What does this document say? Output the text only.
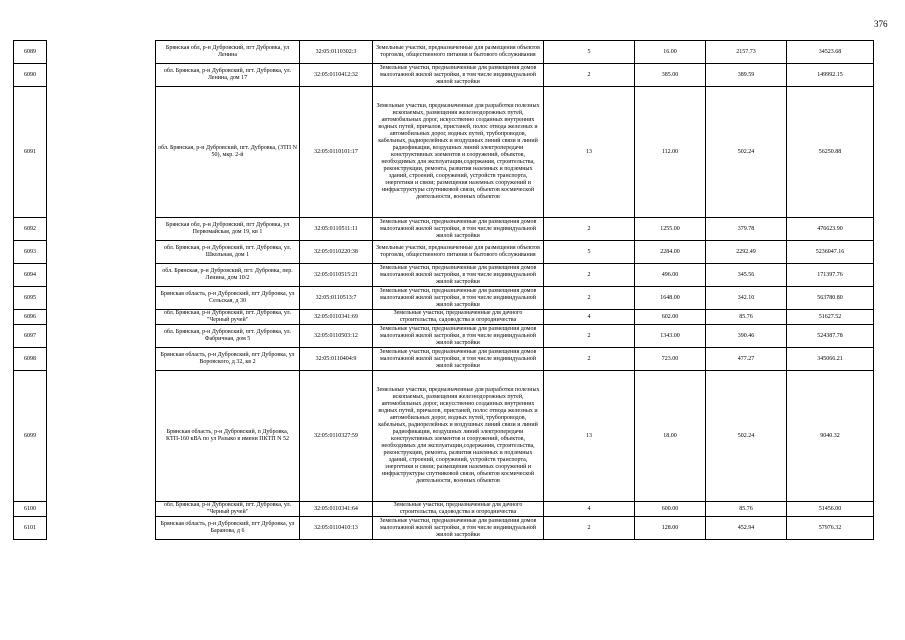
376
6089		Брянская обл, р-н Дубровский, пгт Дубровка, ул Ленина	32:05:0110302:3	Земельные участки, предназначенные для размещения объектов торговли, общественного питания и бытового обслуживания	5	16.00	2157.73	34523.68
6090		обл. Брянская, р-н Дубровский, пгт. Дубровка, ул. Ленина, дом 17	32:05:0110412:32	Земельные участки, предназначенные для размещения домов малоэтажной жилой застройки, в том числе индивидуальной жилой застройки	2	385.00	389.59	149992.15
6091		обл. Брянская, р-н Дубровский, пгт. Дубровка, (ЗТП N 50), мкр. 2-й	32:05:0110101:17	Земельные участки, предназначенные для разработки полезных ископаемых, размещения железнодорожных путей, автомобильных дорог, искусственно созданных внутренних водных путей, причалов, пристаней, полос отвода железных и автомобильных дорог, водных путей, трубопроводов, кабельных, радиорелейных и воздушных линий связи и линий радиофикации, воздушных линий электропередачи конструктивных элементов и сооружений, объектов, необходимых для эксплуатации,содержания, строительства, реконструкции, ремонта, развития наземных и подземных зданий, строений, сооружений, устройств транспорта, энергетики и связи; размещения наземных сооружений и инфраструктуры спутниковой связи, объектов космической деятельности, военных объектов	13	112.00	502.24	56250.88
6092		Брянская обл, р-н Дубровский, пгт Дубровка, ул Первомайская, дом 19, кв 1	32:05:0110511:11	Земельные участки, предназначенные для размещения домов малоэтажной жилой застройки, в том числе индивидуальной жилой застройки	2	1255.00	379.78	476623.90
6093		обл. Брянская, р-н Дубровский, пгт. Дубровка, ул. Школьная, дом 1	32:05:0110220:38	Земельные участки, предназначенные для размещения объектов торговли, общественного питания и бытового обслуживания	5	2284.00	2292.49	5236047.16
6094		обл. Брянская, р-н Дубровский, пгт. Дубровка, пер. Ленина, дом 10/2	32:05:0110515:21	Земельные участки, предназначенные для размещения домов малоэтажной жилой застройки, в том числе индивидуальной жилой застройки	2	496.00	345.56	171397.76
6095		Брянская область, р-н Дубровский, пгт Дубровка, ул Сельская, д 30	32:05:0110513:7	Земельные участки, предназначенные для размещения домов малоэтажной жилой застройки, в том числе индивидуальной жилой застройки	2	1648.00	342.10	563780.80
6096		обл. Брянская, р-н Дубровский, пгт. Дубровка, ул. "Черный ручей"	32:05:0110341:69	Земельные участки, предназначенные для дачного строительства, садоводства и огородничества	4	602.00	85.76	51627.52
6097		обл. Брянская, р-н Дубровский, пгт. Дубровка, ул. Фабричная, дом 5	32:05:0110503:12	Земельные участки, предназначенные для размещения домов малоэтажной жилой застройки, в том числе индивидуальной жилой застройки	2	1343.00	390.46	524387.78
6098		Брянская область, р-н Дубровский, пгт Дубровка, ул Воровского, д 32, кв 2	32:05:0110404:9	Земельные участки, предназначенные для размещения домов малоэтажной жилой застройки, в том числе индивидуальной жилой застройки	2	723.00	477.27	345066.21
6099		Брянская область, р-н Дубровский, п Дубровка, КТП-160 кВА по ул Разыко в имени ПКТП N 52	32:05:0110327:59	Земельные участки, предназначенные для разработки полезных ископаемых, размещения железнодорожных путей, автомобильных дорог, искусственно созданных внутренних водных путей, причалов, пристаней, полос отвода железных и автомобильных дорог, водных путей, трубопроводов, кабельных, радиорелейных и воздушных линий связи и линий радиофикации, воздушных линий электропередачи конструктивных элементов и сооружений, объектов, необходимых для эксплуатации,содержания, строительства, реконструкции, ремонта, развития наземных и подземных зданий, строений, сооружений, устройств транспорта, энергетики и связи; размещения наземных сооружений и инфраструктуры спутниковой связи, объектов космической деятельности, военных объектов	13	18.00	502.24	9040.32
6100		обл. Брянская, р-н Дубровский, пгт. Дубровка, ул. "Черный ручей"	32:05:0110341:64	Земельные участки, предназначенные для дачного строительства, садоводства и огородничества	4	600.00	85.76	51456.00
6101		Брянская область, р-н Дубровский, пгт Дубровка, ул Баранова, д 6	32:05:0110410:13	Земельные участки, предназначенные для размещения домов малоэтажной жилой застройки, в том числе индивидуальной жилой застройки	2	128.00	452.94	57976.32
